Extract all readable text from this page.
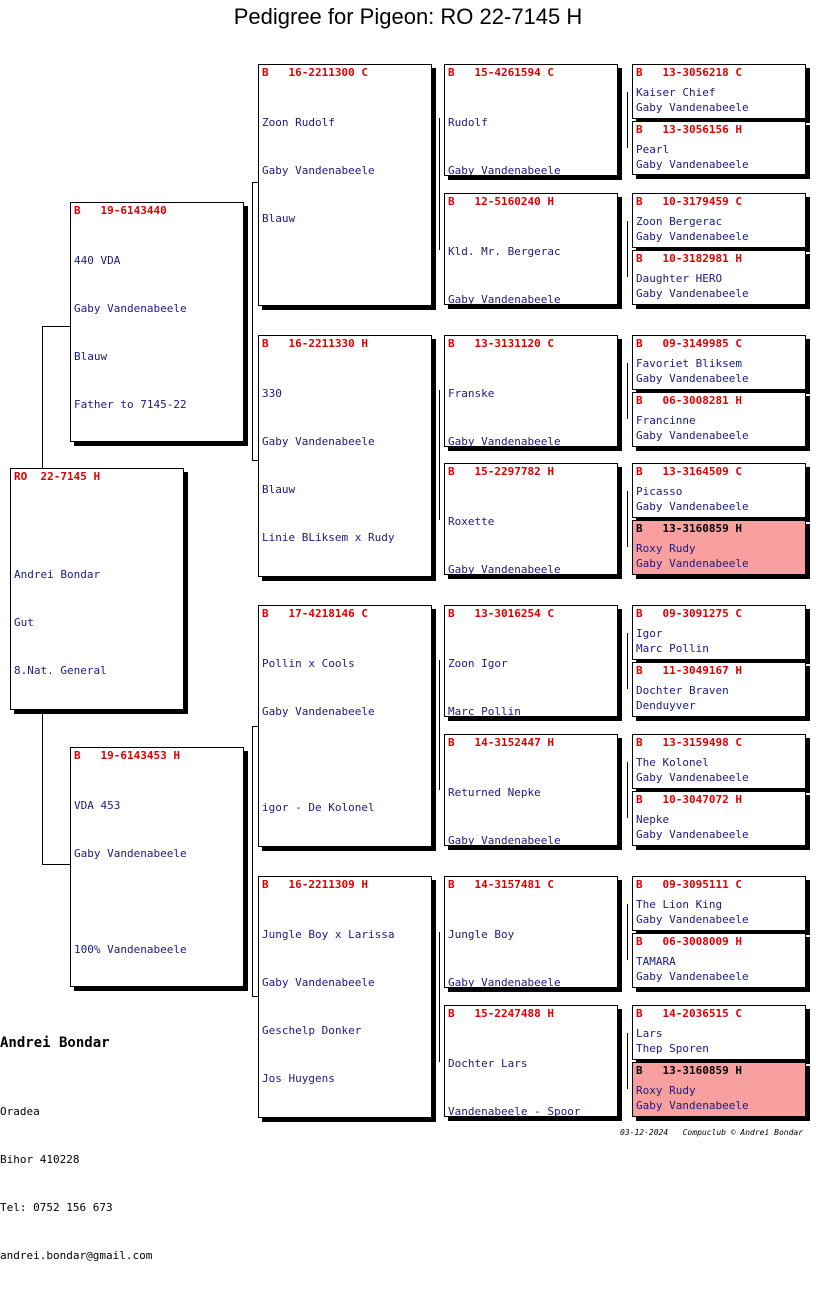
Pedigree for Pigeon: RO 22-7145 H
RO  22-7145 H

Andrei Bondar

Gut

8.Nat. General

B   19-6143440

440 VDA

Gaby Vandenabeele

Blauw

Father to 7145-22

B   19-6143453 H

VDA 453

Gaby Vandenabeele

100% Vandenabeele

B   16-2211300 C

Zoon Rudolf

Gaby Vandenabeele

Blauw

B   16-2211330 H

330

Gaby Vandenabeele

Blauw

Linie BLiksem x Rudy

B   17-4218146 C

Pollin x Cools

Gaby Vandenabeele

igor - De Kolonel

B   16-2211309 H

Jungle Boy x Larissa

Gaby Vandenabeele

Geschelp Donker

Jos Huygens

B   15-4261594 C

Rudolf

Gaby Vandenabeele

B   12-5160240 H

Kld. Mr. Bergerac

Gaby Vandenabeele

B   13-3131120 C

Franske

Gaby Vandenabeele

B   15-2297782 H

Roxette

Gaby Vandenabeele

B   13-3016254 C

Zoon Igor

Marc Pollin

B   14-3152447 H

Returned Nepke

Gaby Vandenabeele

B   14-3157481 C

Jungle Boy

Gaby Vandenabeele

B   15-2247488 H

Dochter Lars

Vandenabeele - Spoor

B   13-3056218 C
Kaiser Chief
Gaby Vandenabeele
B   13-3056156 H
Pearl
Gaby Vandenabeele
B   10-3179459 C
Zoon Bergerac
Gaby Vandenabeele
B   10-3182981 H
Daughter HERO
Gaby Vandenabeele
B   09-3149985 C
Favoriet Bliksem
Gaby Vandenabeele
B   06-3008281 H
Francinne
Gaby Vandenabeele
B   13-3164509 C
Picasso
Gaby Vandenabeele
B   13-3160859 H
Roxy Rudy
Gaby Vandenabeele
B   09-3091275 C
Igor
Marc Pollin
B   11-3049167 H
Dochter Braven
Denduyver
B   13-3159498 C
The Kolonel
Gaby Vandenabeele
B   10-3047072 H
Nepke
Gaby Vandenabeele
B   09-3095111 C
The Lion King
Gaby Vandenabeele
B   06-3008009 H
TAMARA
Gaby Vandenabeele
B   14-2036515 C
Lars
Thep Sporen
B   13-3160859 H
Roxy Rudy
Gaby Vandenabeele
Andrei Bondar

Oradea

Bihor 410228

Tel: 0752 156 673

andrei.bondar@gmail.com

03-12-2024   Compuclub © Andrei Bondar
